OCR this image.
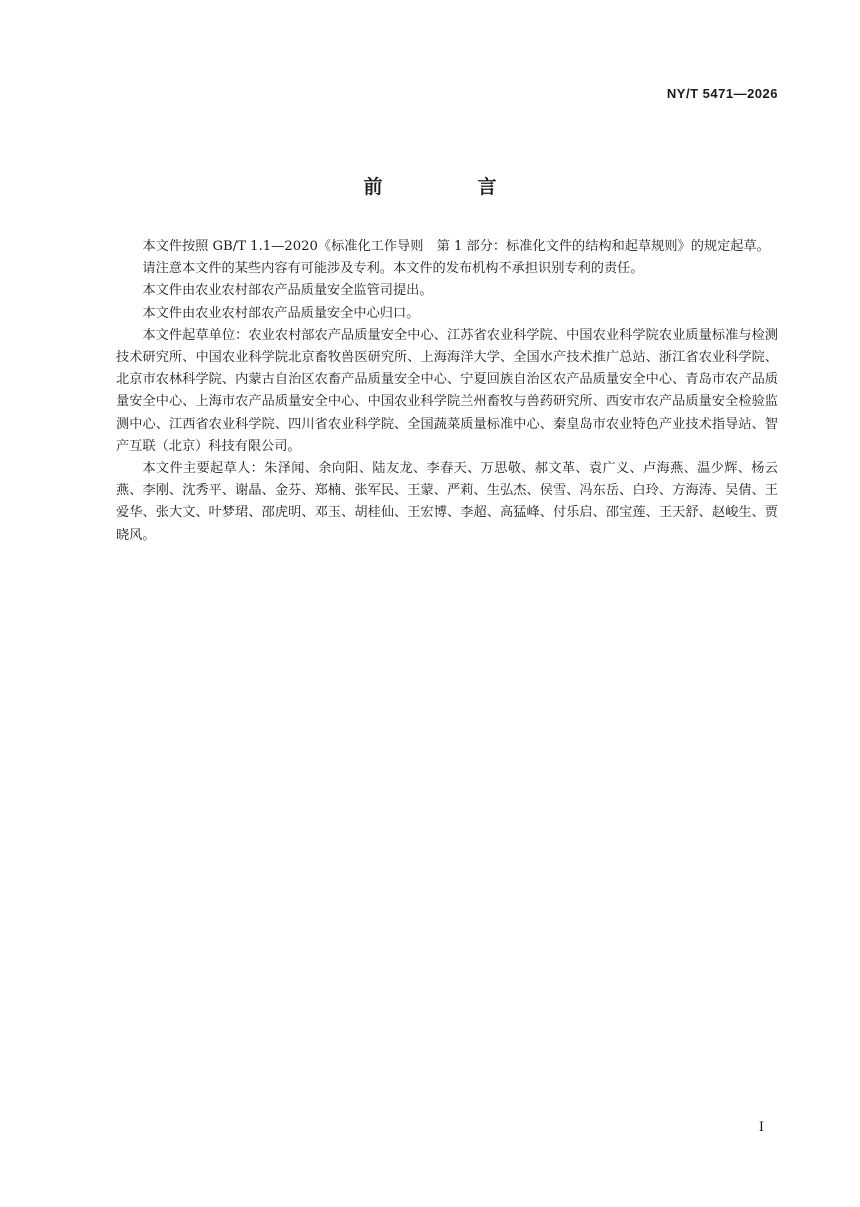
NY/T 5471—2026
前　言

本文件按照 GB/T 1.1—2020《标准化工作导则　第 1 部分：标准化文件的结构和起草规则》的规定起草。

请注意本文件的某些内容有可能涉及专利。本文件的发布机构不承担识别专利的责任。

本文件由农业农村部农产品质量安全监管司提出。

本文件由农业农村部农产品质量安全中心归口。

本文件起草单位：农业农村部农产品质量安全中心、江苏省农业科学院、中国农业科学院农业质量标准与检测技术研究所、中国农业科学院北京畜牧兽医研究所、上海海洋大学、全国水产技术推广总站、浙江省农业科学院、北京市农林科学院、内蒙古自治区农畜产品质量安全中心、宁夏回族自治区农产品质量安全中心、青岛市农产品质量安全中心、上海市农产品质量安全中心、中国农业科学院兰州畜牧与兽药研究所、西安市农产品质量安全检验监测中心、江西省农业科学院、四川省农业科学院、全国蔬菜质量标准中心、秦皇岛市农业特色产业技术指导站、智产互联（北京）科技有限公司。

本文件主要起草人：朱泽闻、余向阳、陆友龙、李春天、万思敬、郝文革、袁广义、卢海燕、温少辉、杨云燕、李刚、沈秀平、谢晶、金芬、郑楠、张军民、王蒙、严莉、生弘杰、侯雪、冯东岳、白玲、方海涛、吴倩、王爱华、张大文、叶梦珺、邵虎明、邓玉、胡桂仙、王宏博、李超、高猛峰、付乐启、邵宝莲、王天舒、赵峻生、贾晓风。

I
